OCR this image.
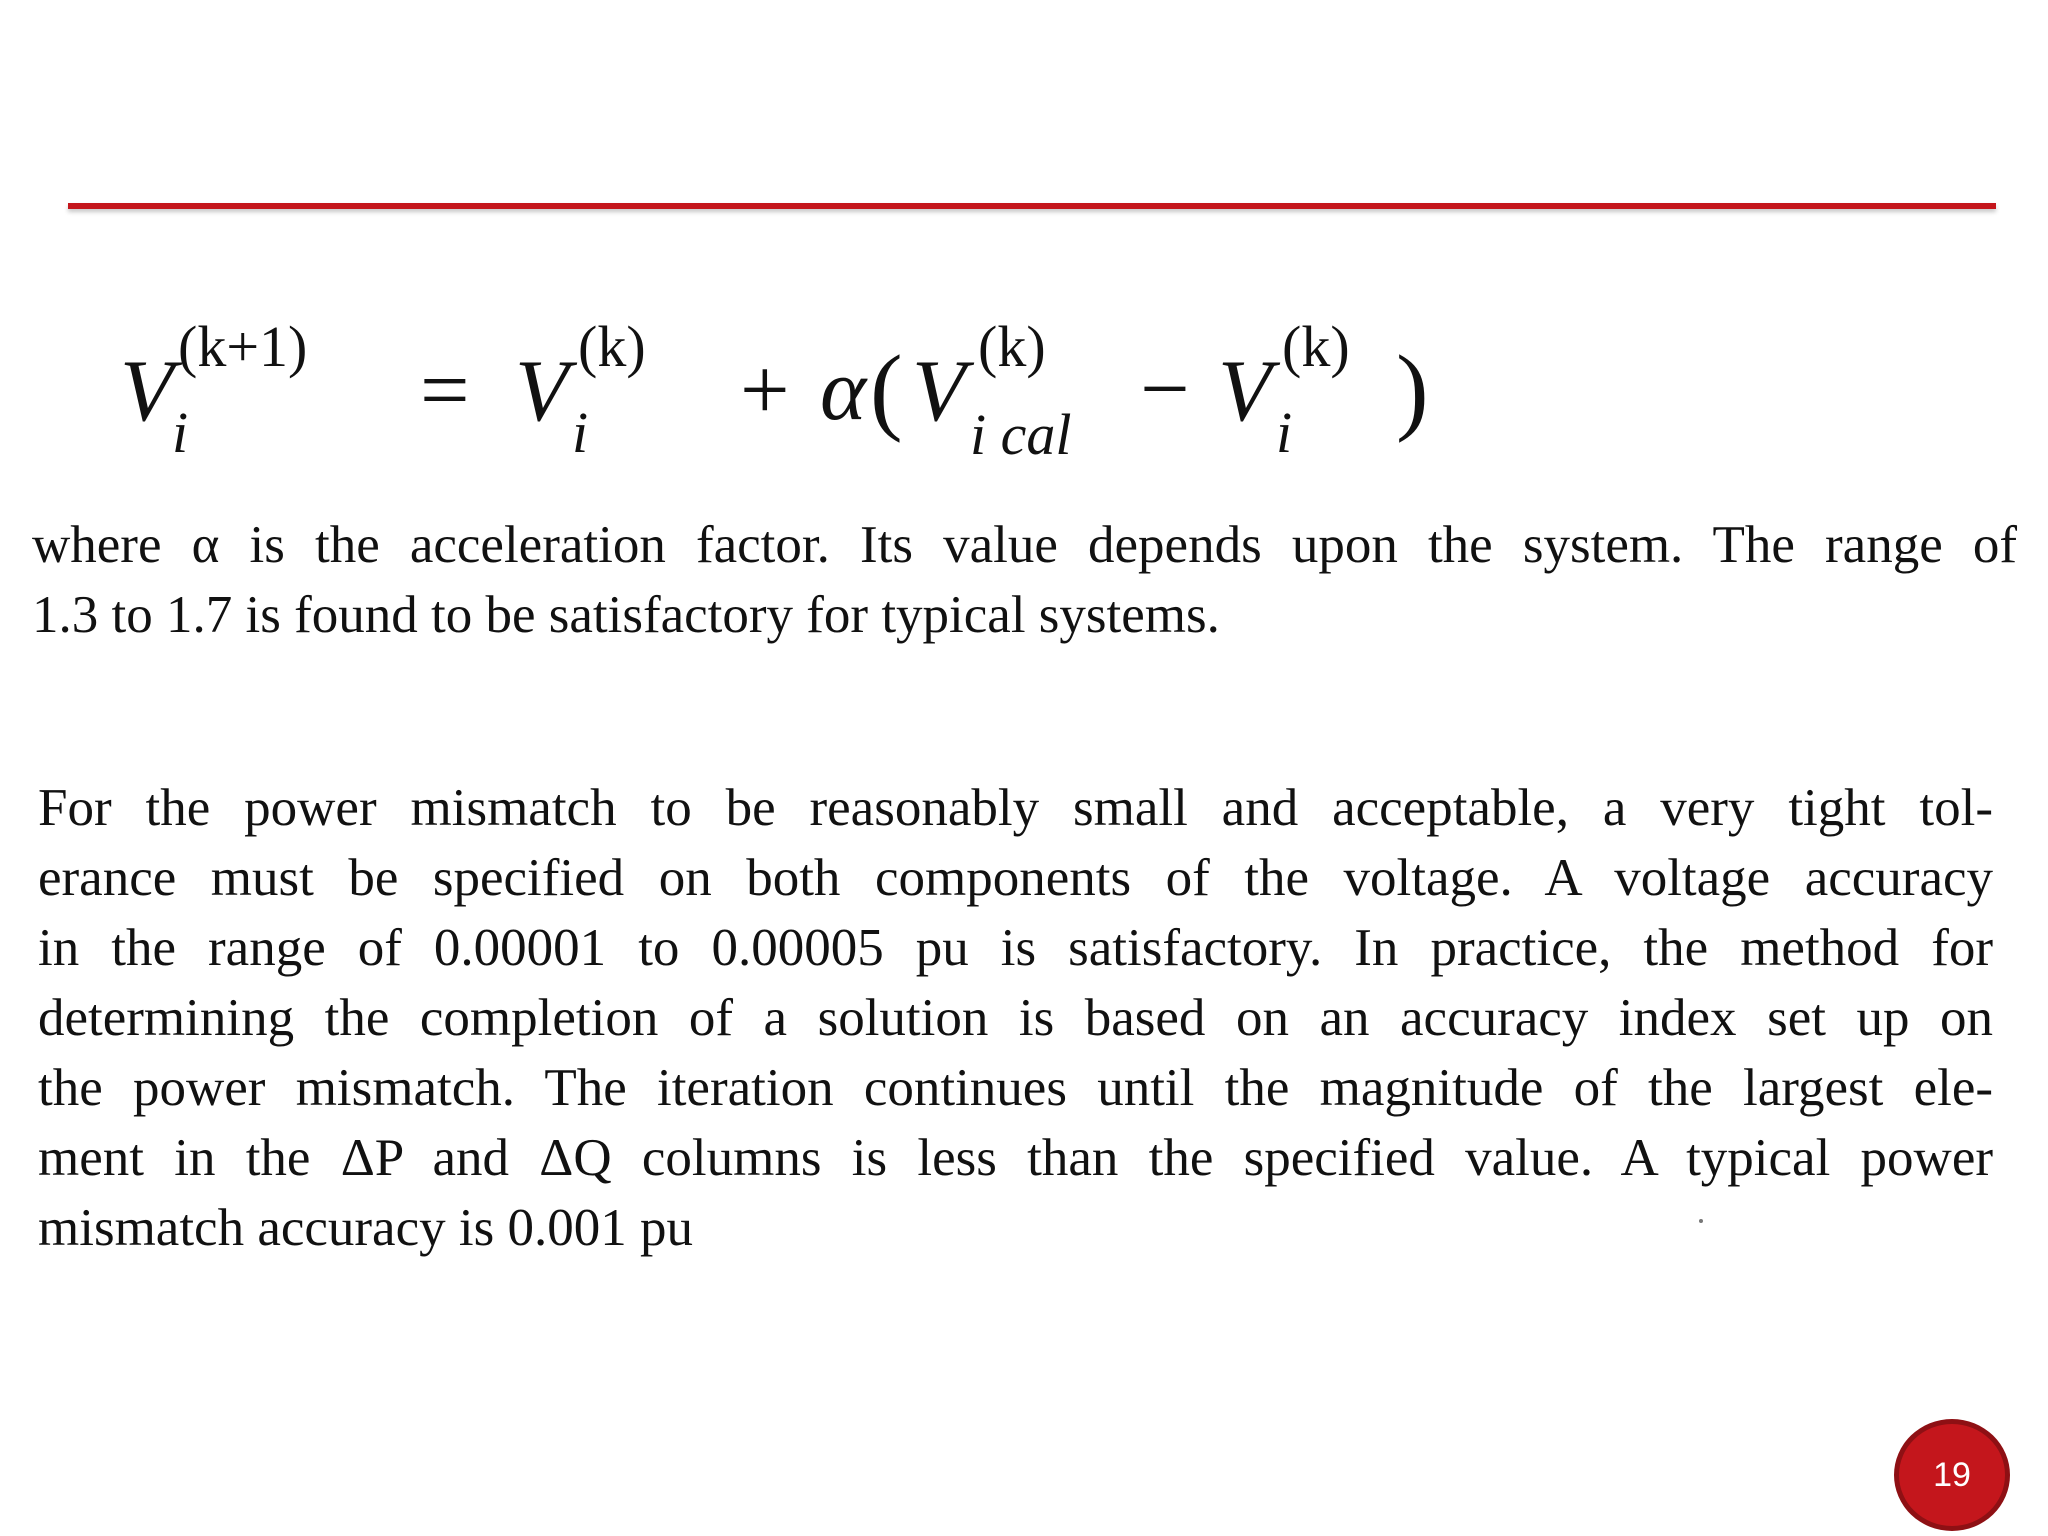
V
i
(k+1) = V i
(k) + α ( V (k)
i cal − V i
(k) )
where α is the acceleration factor. Its value depends upon the system. The range of
1.3 to 1.7 is found to be satisfactory for typical systems.
For the power mismatch to be reasonably small and acceptable, a very tight tol-
erance must be specified on both components of the voltage. A voltage accuracy
in the range of 0.00001 to 0.00005 pu is satisfactory. In practice, the method for
determining the completion of a solution is based on an accuracy index set up on
the power mismatch. The iteration continues until the magnitude of the largest ele-
ment in the ΔP and ΔQ columns is less than the specified value. A typical power
mismatch accuracy is 0.001 pu
19
